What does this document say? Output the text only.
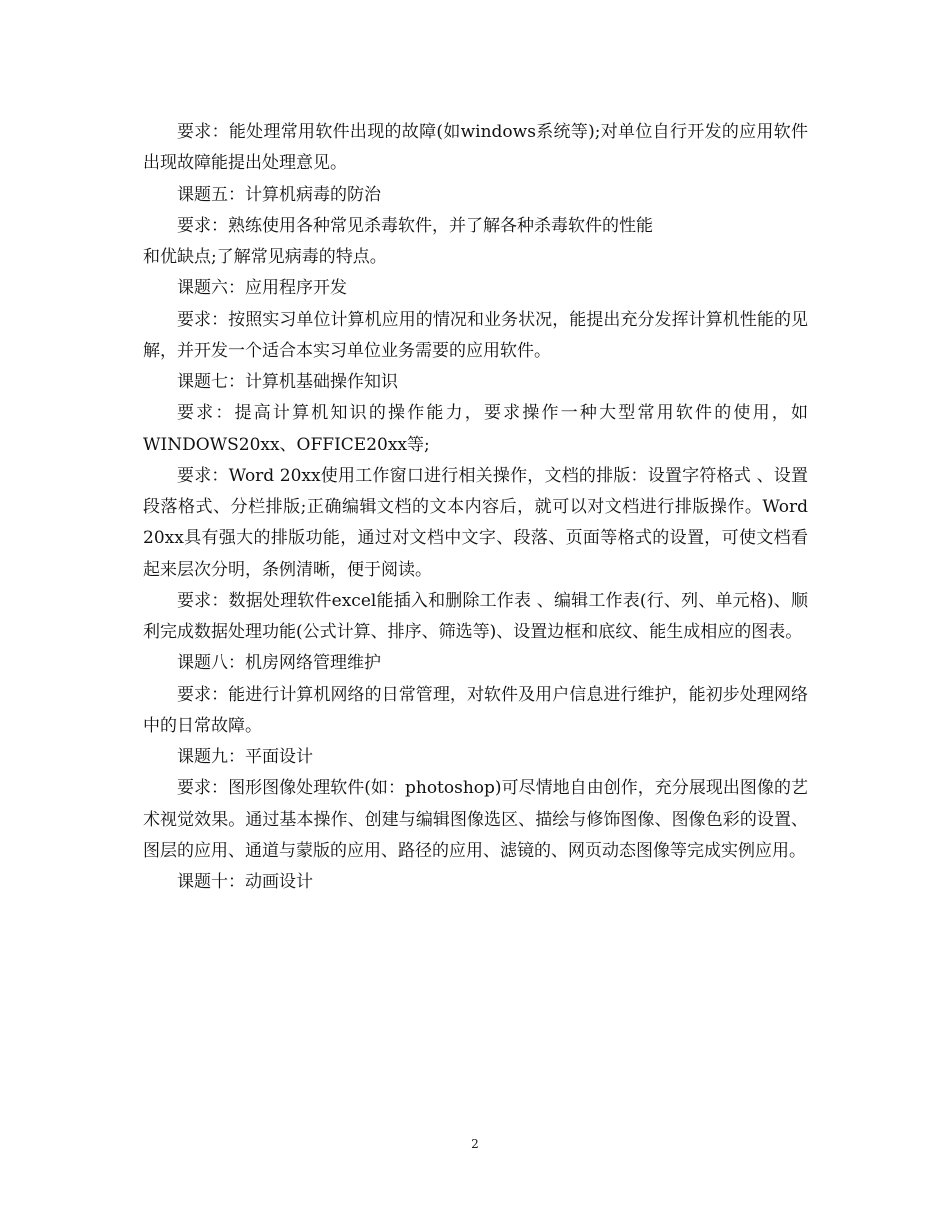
要求：能处理常用软件出现的故障(如windows系统等);对单位自行开发的应用软件出现故障能提出处理意见。

课题五：计算机病毒的防治

要求：熟练使用各种常见杀毒软件，并了解各种杀毒软件的性能

和优缺点;了解常见病毒的特点。

课题六：应用程序开发

要求：按照实习单位计算机应用的情况和业务状况，能提出充分发挥计算机性能的见解，并开发一个适合本实习单位业务需要的应用软件。

课题七：计算机基础操作知识

要求：提高计算机知识的操作能力，要求操作一种大型常用软件的使用，如WINDOWS20xx、OFFICE20xx等;

要求：Word 20xx使用工作窗口进行相关操作，文档的排版：设置字符格式 、设置段落格式、分栏排版;正确编辑文档的文本内容后，就可以对文档进行排版操作。Word 20xx具有强大的排版功能，通过对文档中文字、段落、页面等格式的设置，可使文档看起来层次分明，条例清晰，便于阅读。

要求：数据处理软件excel能插入和删除工作表 、编辑工作表(行、列、单元格)、顺利完成数据处理功能(公式计算、排序、筛选等)、设置边框和底纹、能生成相应的图表。

课题八：机房网络管理维护

要求：能进行计算机网络的日常管理，对软件及用户信息进行维护，能初步处理网络中的日常故障。

课题九：平面设计

要求：图形图像处理软件(如：photoshop)可尽情地自由创作，充分展现出图像的艺术视觉效果。通过基本操作、创建与编辑图像选区、描绘与修饰图像、图像色彩的设置、图层的应用、通道与蒙版的应用、路径的应用、滤镜的、网页动态图像等完成实例应用。

课题十：动画设计

2
